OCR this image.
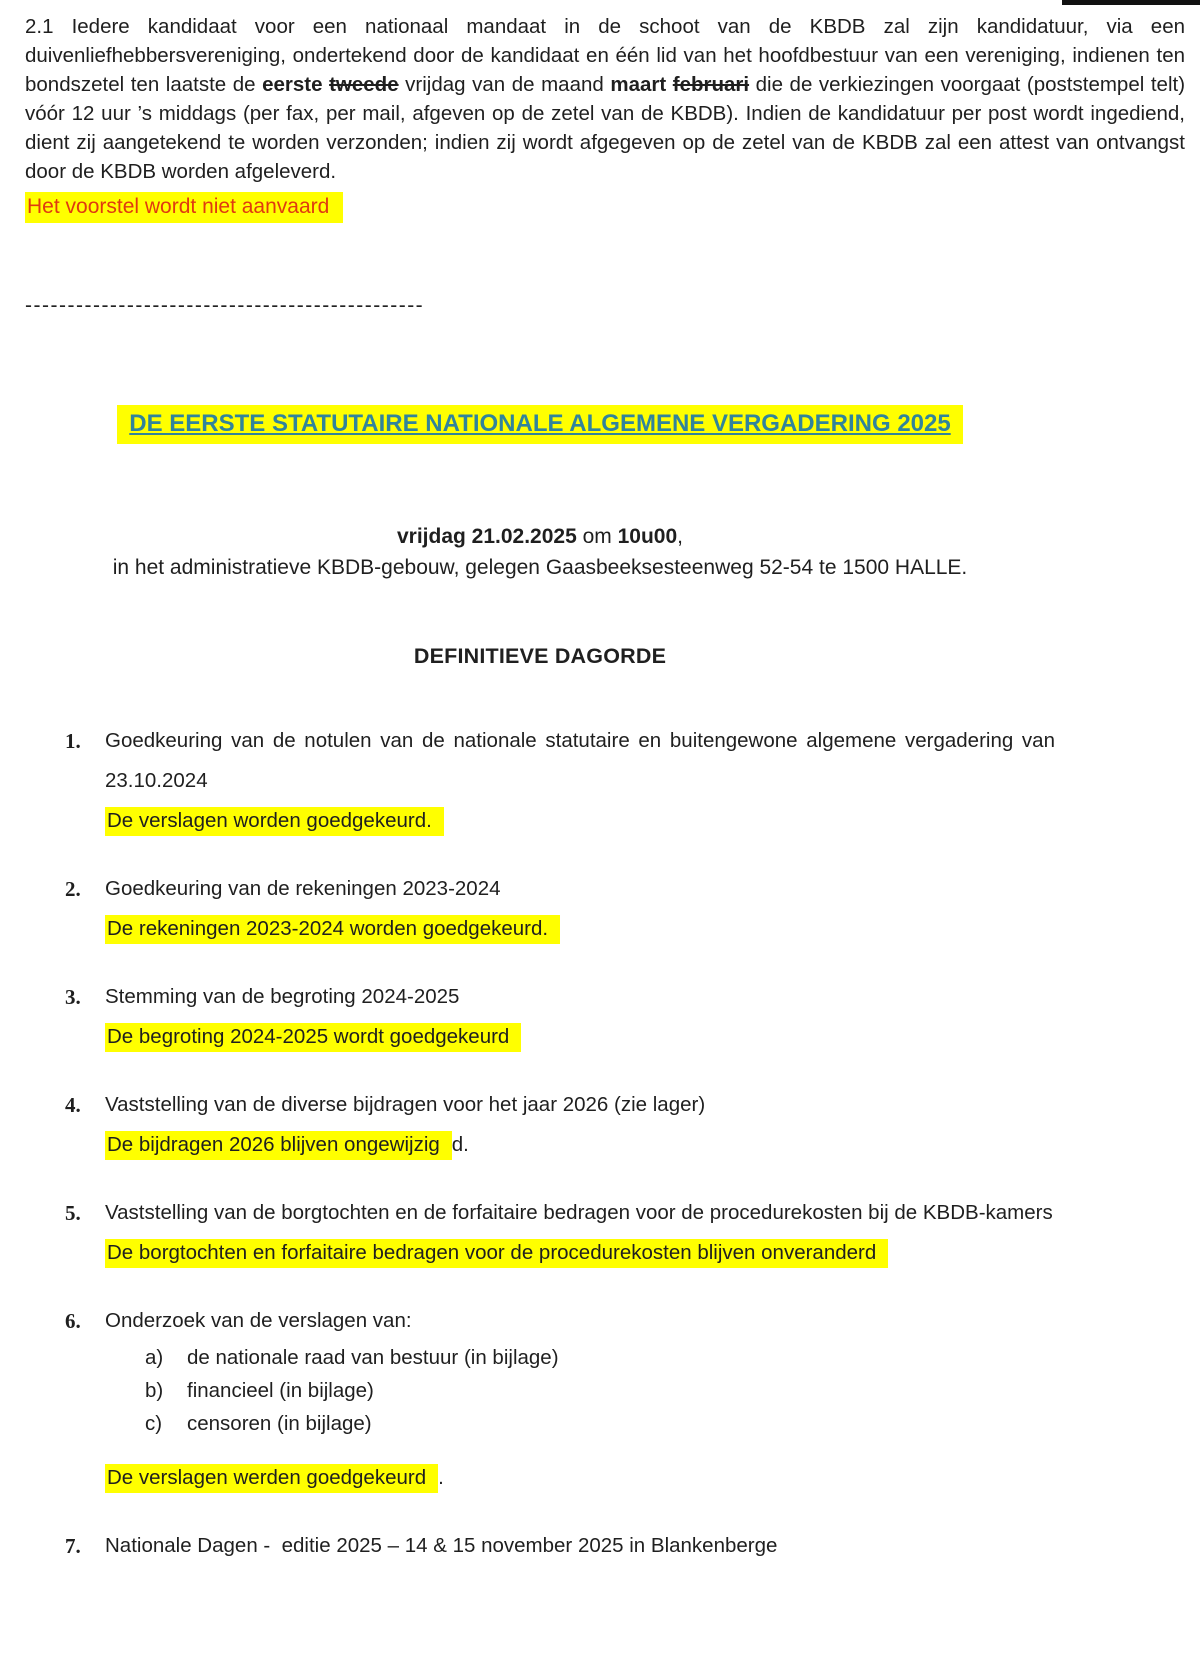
2.1 Iedere kandidaat voor een nationaal mandaat in de schoot van de KBDB zal zijn kandidatuur, via een duivenliefhebbersvereniging, ondertekend door de kandidaat en één lid van het hoofdbestuur van een vereniging, indienen ten bondszetel ten laatste de eerste tweede vrijdag van de maand maart februari die de verkiezingen voorgaat (poststempel telt) vóór 12 uur ’s middags (per fax, per mail, afgeven op de zetel van de KBDB). Indien de kandidatuur per post wordt ingediend, dient zij aangetekend te worden verzonden; indien zij wordt afgegeven op de zetel van de KBDB zal een attest van ontvangst door de KBDB worden afgeleverd.

Het voorstel wordt niet aanvaard

-----------------------------------------------

DE EERSTE STATUTAIRE NATIONALE ALGEMENE VERGADERING 2025

vrijdag 21.02.2025 om 10u00,

in het administratieve KBDB-gebouw, gelegen Gaasbeeksesteenweg 52-54 te 1500 HALLE.

DEFINITIEVE DAGORDE

1.	Goedkeuring van de notulen van de nationale statutaire en buitengewone algemene vergadering van 23.10.2024

De verslagen worden goedgekeurd.

2.	Goedkeuring van de rekeningen 2023-2024

De rekeningen 2023-2024 worden goedgekeurd.

3.	Stemming van de begroting 2024-2025

De begroting 2024-2025 wordt goedgekeurd

4.	Vaststelling van de diverse bijdragen voor het jaar 2026 (zie lager)

De bijdragen 2026 blijven ongewijzig d.

5.	Vaststelling van de borgtochten en de forfaitaire bedragen voor de procedurekosten bij de KBDB-kamers

De borgtochten en forfaitaire bedragen voor de procedurekosten blijven onveranderd

6.	Onderzoek van de verslagen van:

a)	de nationale raad van bestuur (in bijlage)
b)	financieel (in bijlage)
c)	censoren (in bijlage)

De verslagen werden goedgekeurd .

7.	Nationale Dagen -  editie 2025 – 14 & 15 november 2025 in Blankenberge
